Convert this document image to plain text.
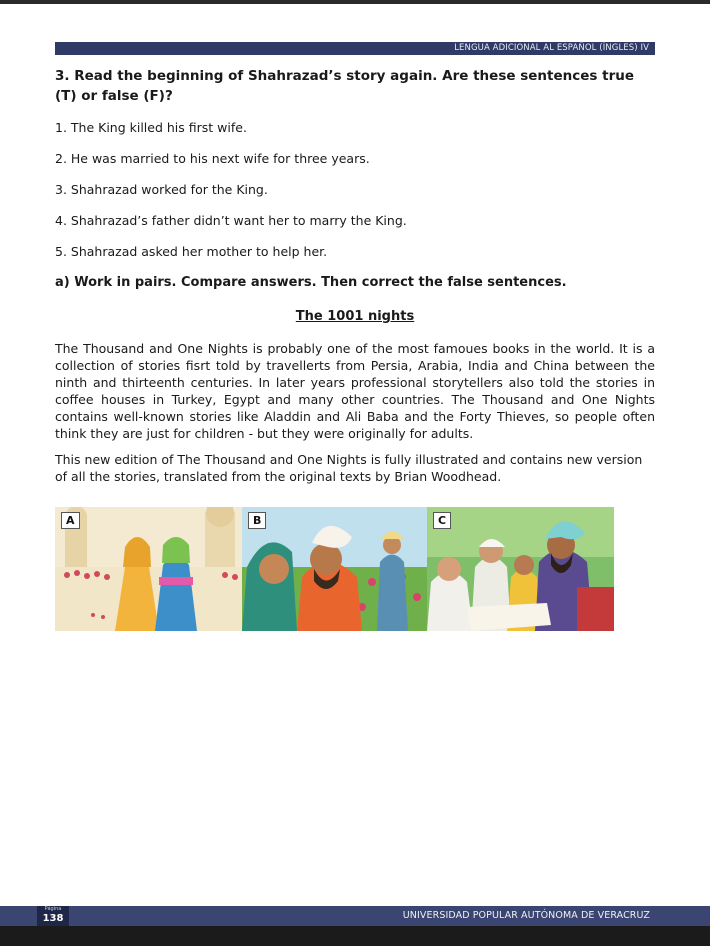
LENGUA ADICIONAL AL ESPAÑOL (ÍNGLES) IV
3. Read the beginning of Shahrazad’s story again. Are these sentences true (T) or false (F)?
1. The King killed his first wife.
2. He was married to his next wife for three years.
3. Shahrazad worked for the King.
4. Shahrazad’s father didn’t want her to marry the King.
5. Shahrazad asked her mother to help her.
a) Work in pairs. Compare answers. Then correct the false sentences.
The 1001 nights
The Thousand and One Nights is probably one of the most famoues books in the world. It is a collection of stories fisrt told by travellerts from Persia, Arabia, India and China between the ninth and thirteenth centuries. In later years professional storytellers also told the stories in coffee houses in Turkey, Egypt and many other countries. The Thousand and One Nights contains well-known stories like Aladdin and Ali Baba and the Forty Thieves, so people often think they are just for children - but they were originally for adults.
This new edition of The Thousand and One Nights is fully illustrated and contains new version of all the stories, translated from the original texts by Brian Woodhead.
A	B	C
Página
138	UNIVERSIDAD POPULAR AUTÓNOMA DE VERACRUZ
